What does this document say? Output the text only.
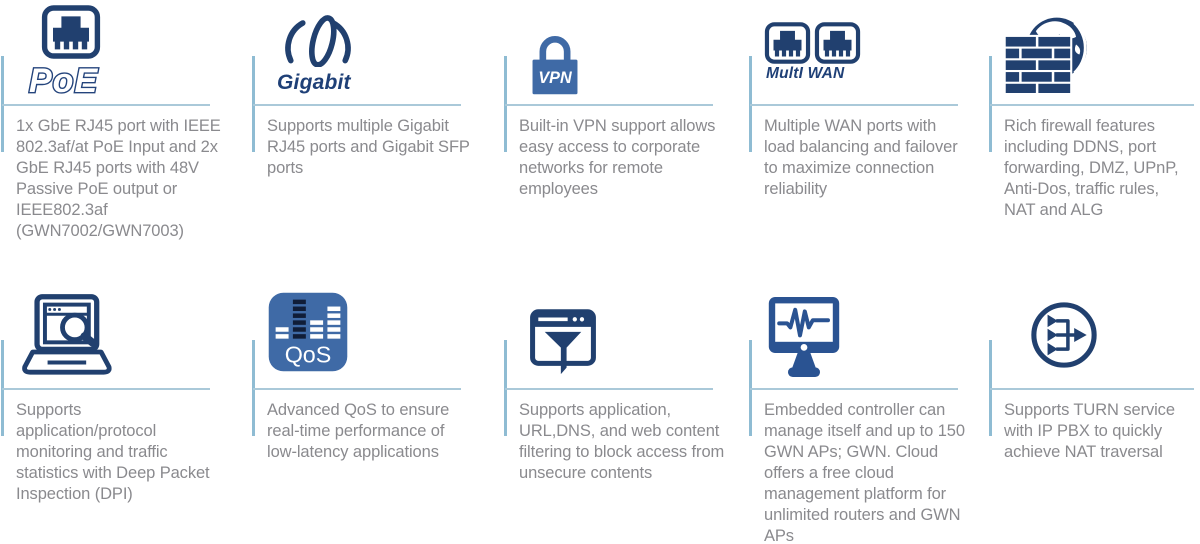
PoE

1x GbE RJ45 port with IEEE 802.3af/at PoE Input and 2x GbE RJ45 ports with 48V Passive PoE output or IEEE802.3af (GWN7002/GWN7003)

Gigabit

Supports multiple Gigabit RJ45 ports and Gigabit SFP ports

VPN

Built-in VPN support allows easy access to corporate networks for remote employees

MultI WAN

Multiple WAN ports with load balancing and failover to maximize connection reliability

Rich firewall features including DDNS, port forwarding, DMZ, UPnP, Anti-Dos, traffic rules, NAT and ALG

Supports application/protocol monitoring and traffic statistics with Deep Packet Inspection (DPI)

QoS

Advanced QoS to ensure real-time performance of low-latency applications

Supports application, URL,DNS, and web content filtering to block access from unsecure contents

Embedded controller can manage itself and up to 150 GWN APs; GWN. Cloud offers a free cloud management platform for unlimited routers and GWN APs

Supports TURN service with IP PBX to quickly achieve NAT traversal
